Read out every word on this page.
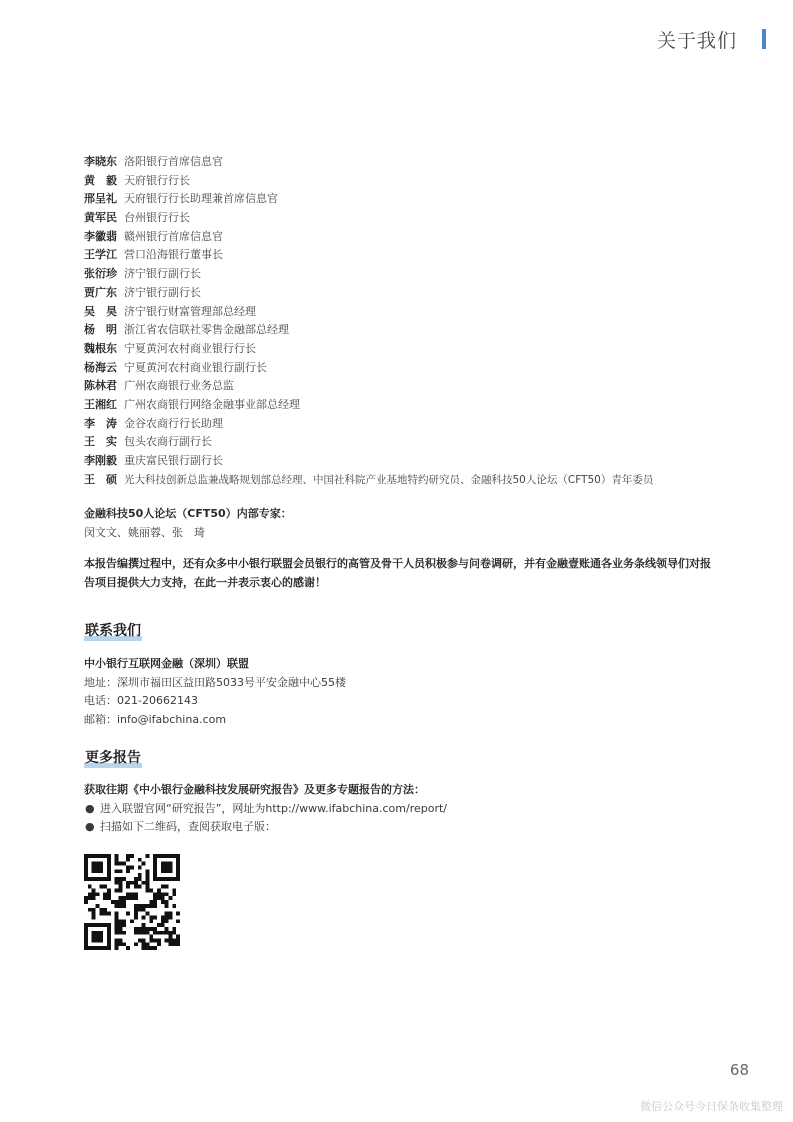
关于我们
李晓东 洛阳银行首席信息官
黄　毅 天府银行行长
邢呈礼 天府银行行长助理兼首席信息官
黄军民 台州银行行长
李徽翡 赣州银行首席信息官
王学江 营口沿海银行董事长
张衍珍 济宁银行副行长
贾广东 济宁银行副行长
吴　昊 济宁银行财富管理部总经理
杨　明 浙江省农信联社零售金融部总经理
魏根东 宁夏黄河农村商业银行行长
杨海云 宁夏黄河农村商业银行副行长
陈林君 广州农商银行业务总监
王湘红 广州农商银行网络金融事业部总经理
李　涛 金谷农商行行长助理
王　实 包头农商行副行长
李刚毅 重庆富民银行副行长
王　硕 光大科技创新总监兼战略规划部总经理、中国社科院产业基地特约研究员、金融科技50人论坛（CFT50）青年委员
金融科技50人论坛（CFT50）内部专家：
闵文文、姚丽蓉、张　琦
本报告编撰过程中，还有众多中小银行联盟会员银行的高管及骨干人员积极参与问卷调研，并有金融壹账通各业务条线领导们对报告项目提供大力支持，在此一并表示衷心的感谢！
联系我们
中小银行互联网金融（深圳）联盟
地址：深圳市福田区益田路5033号平安金融中心55楼
电话：021-20662143
邮箱：info@ifabchina.com
更多报告
获取往期《中小银行金融科技发展研究报告》及更多专题报告的方法：
● 进入联盟官网“研究报告”，网址为http://www.ifabchina.com/report/
● 扫描如下二维码，查阅获取电子版：
68
微信公众号今日保条收集整理
